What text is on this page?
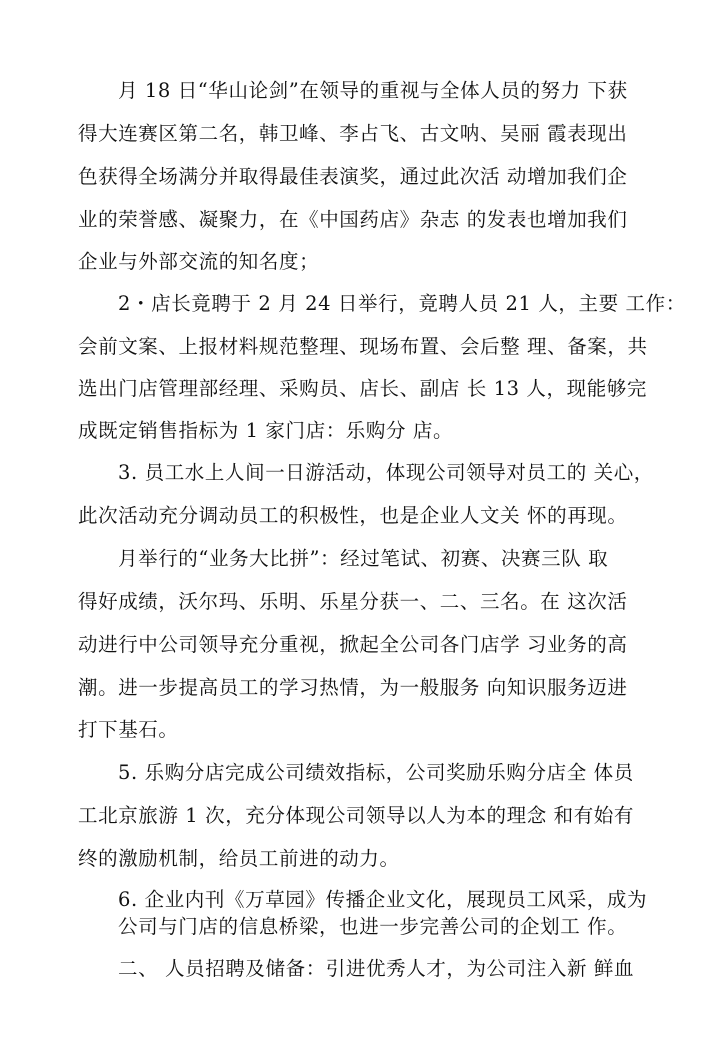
月 18 日“华山论剑”在领导的重视与全体人员的努力 下获
得大连赛区第二名，韩卫峰、李占飞、古文呐、吴丽 霞表现出
色获得全场满分并取得最佳表演奖，通过此次活 动增加我们企
业的荣誉感、凝聚力，在《中国药店》杂志 的发表也增加我们
企业与外部交流的知名度；
2・店长竟聘于 2 月 24 日举行，竟聘人员 21 人，主要 工作：
会前文案、上报材料规范整理、现场布置、会后整 理、备案，共
选出门店管理部经理、采购员、店长、副店 长 13 人，现能够完
成既定销售指标为 1 家门店：乐购分 店。
3. 员工水上人间一日游活动，体现公司领导对员工的 关心，
此次活动充分调动员工的积极性，也是企业人文关 怀的再现。
月举行的“业务大比拼”：经过笔试、初赛、决赛三队 取
得好成绩，沃尔玛、乐明、乐星分获一、二、三名。在 这次活
动进行中公司领导充分重视，掀起全公司各门店学 习业务的高
潮。进一步提高员工的学习热情，为一般服务 向知识服务迈进
打下基石。
5. 乐购分店完成公司绩效指标，公司奖励乐购分店全 体员
工北京旅游 1 次，充分体现公司领导以人为本的理念 和有始有
终的激励机制，给员工前进的动力。
6. 企业内刊《万草园》传播企业文化，展现员工风采，成为
公司与门店的信息桥梁，也进一步完善公司的企划工 作。
二、 人员招聘及储备：引进优秀人才，为公司注入新 鲜血
